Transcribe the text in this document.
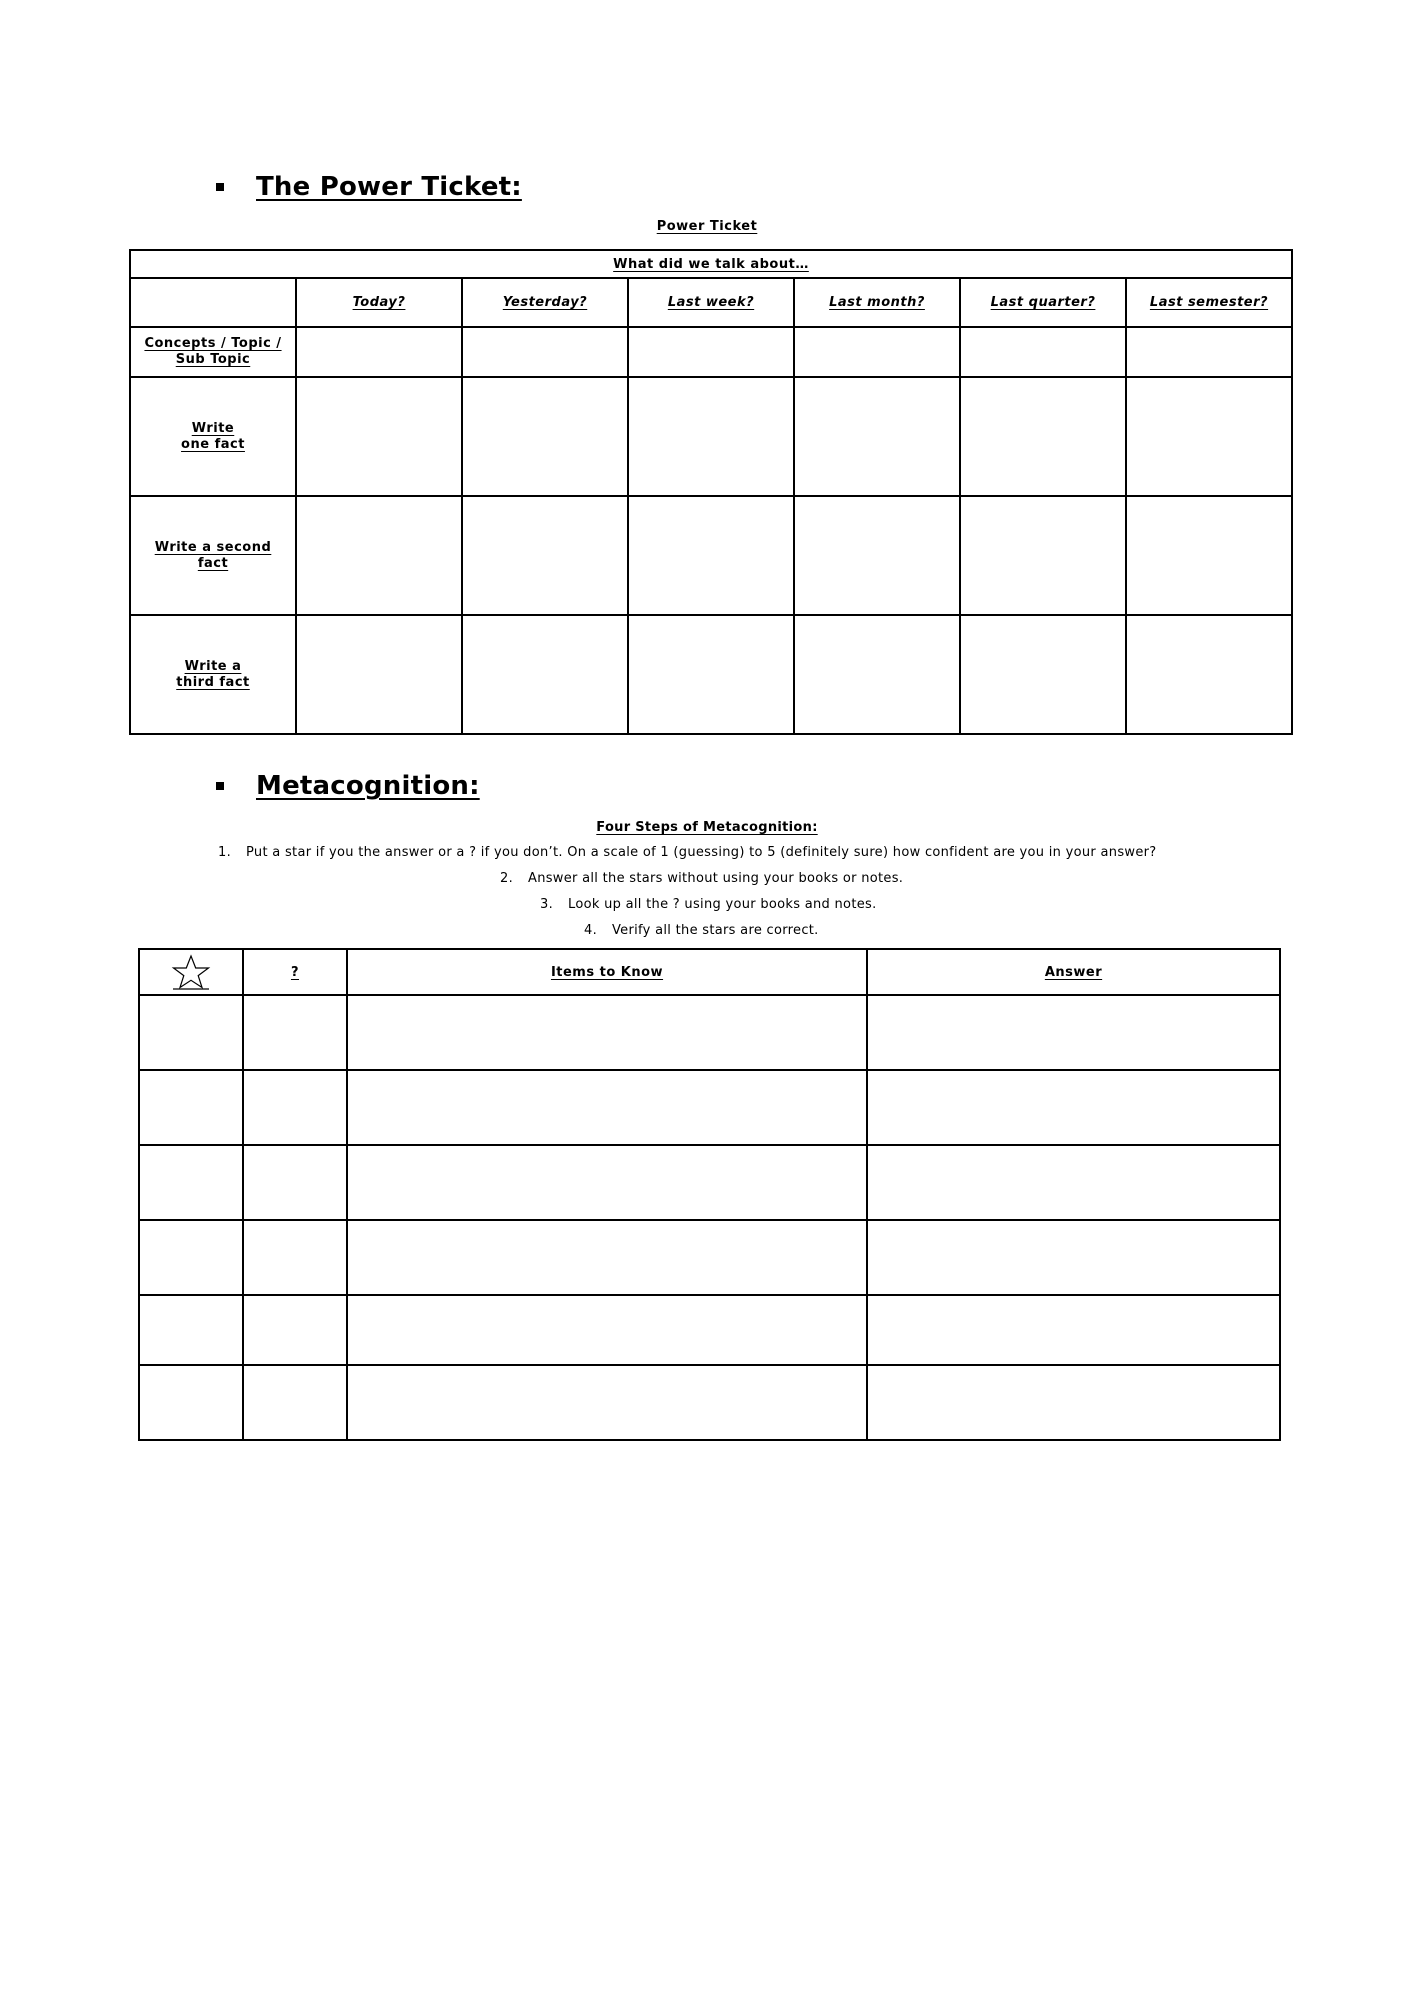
The Power Ticket:
Power Ticket
What did we talk about…						
	Today?	Yesterday?	Last week?	Last month?	Last quarter?	Last semester?

Concepts / Topic /
Sub Topic						

Write
one fact						

Write a second
fact						

Write a
third fact						

Metacognition:
Four Steps of Metacognition:
1. Put a star if you the answer or a ? if you don’t. On a scale of 1 (guessing) to 5 (definitely sure) how confident are you in your answer?
2. Answer all the stars without using your books or notes.
3. Look up all the ? using your books and notes.
4. Verify all the stars are correct.
	?	Items to Know	Answer
